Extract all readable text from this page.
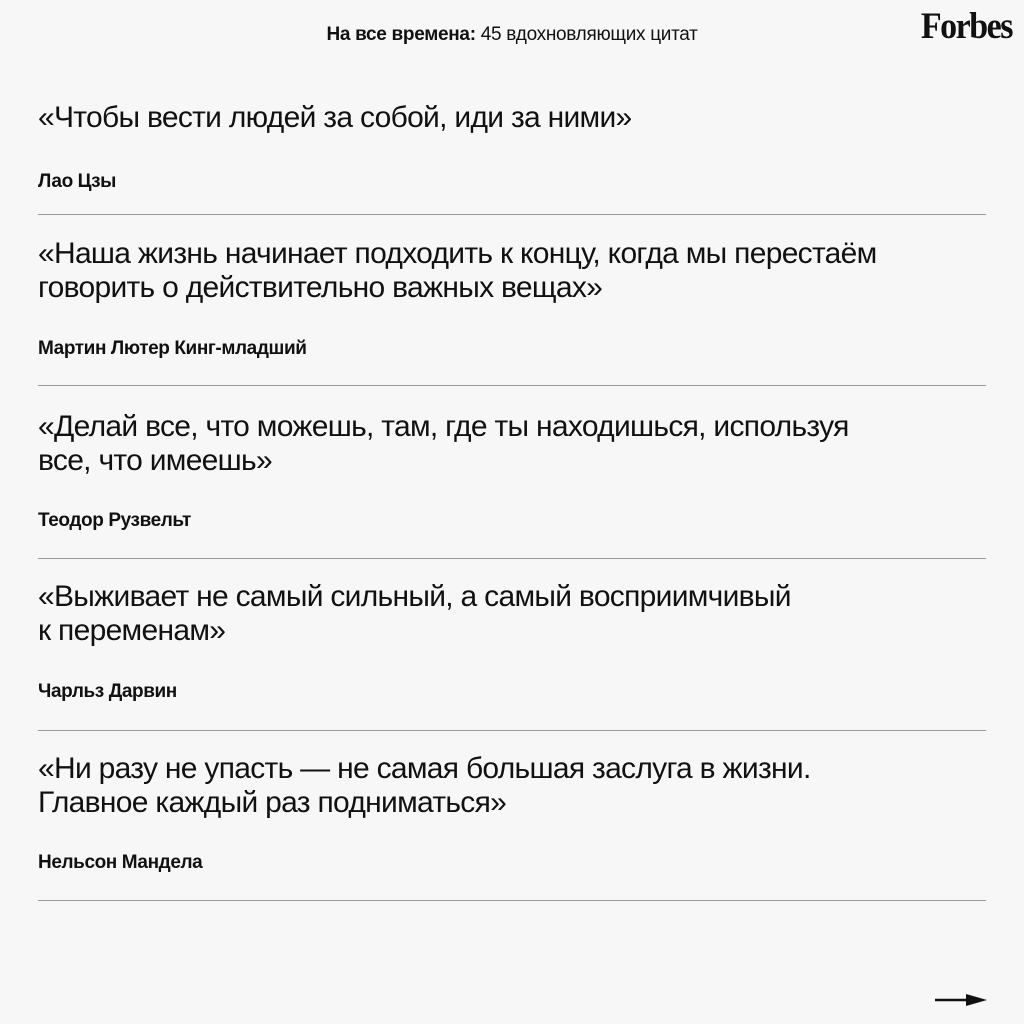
На все времена: 45 вдохновляющих цитат	Forbes
«Чтобы вести людей за собой, иди за ними»
Лао Цзы
«Наша жизнь начинает подходить к концу, когда мы перестаём
говорить о действительно важных вещах»
Мартин Лютер Кинг-младший
«Делай все, что можешь, там, где ты находишься, используя
все, что имеешь»
Теодор Рузвельт
«Выживает не самый сильный, а самый восприимчивый
к переменам»
Чарльз Дарвин
«Ни разу не упасть — не самая большая заслуга в жизни.
Главное каждый раз подниматься»
Нельсон Мандела
